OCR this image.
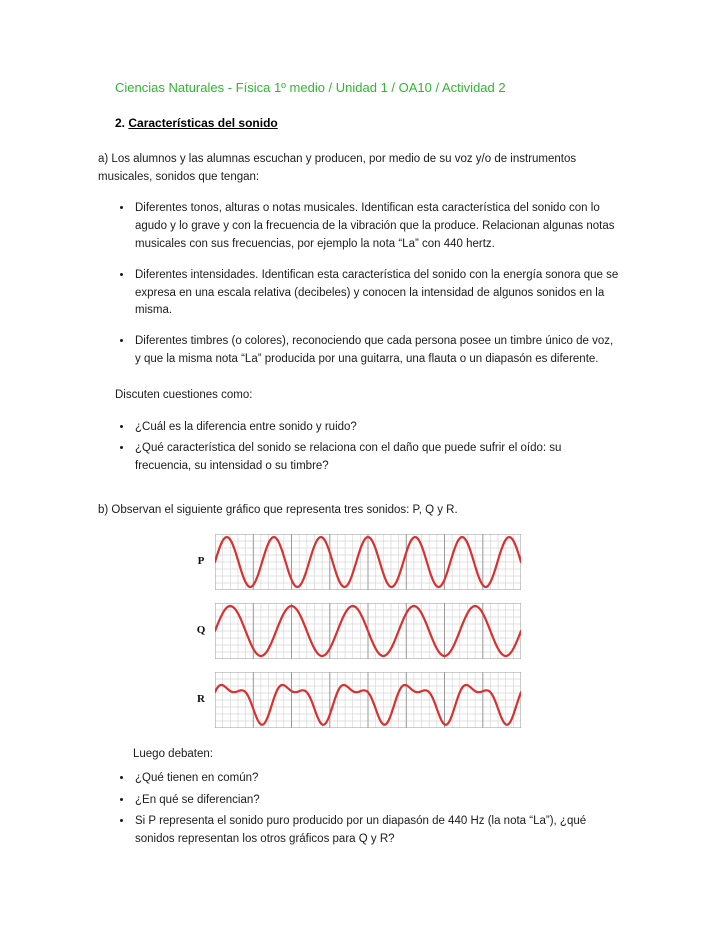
Ciencias Naturales - Física 1º medio / Unidad 1 / OA10 / Actividad 2
2. Características del sonido

a) Los alumnos y las alumnas escuchan y producen, por medio de su voz y/o de instrumentos musicales, sonidos que tengan:

• Diferentes tonos, alturas o notas musicales. Identifican esta característica del sonido con lo agudo y lo grave y con la frecuencia de la vibración que la produce. Relacionan algunas notas musicales con sus frecuencias, por ejemplo la nota “La” con 440 hertz.
• Diferentes intensidades. Identifican esta característica del sonido con la energía sonora que se expresa en una escala relativa (decibeles) y conocen la intensidad de algunos sonidos en la misma.
• Diferentes timbres (o colores), reconociendo que cada persona posee un timbre único de voz, y que la misma nota “La” producida por una guitarra, una flauta o un diapasón es diferente.

Discuten cuestiones como:

• ¿Cuál es la diferencia entre sonido y ruido?
• ¿Qué característica del sonido se relaciona con el daño que puede sufrir el oído: su frecuencia, su intensidad o su timbre?

b) Observan el siguiente gráfico que representa tres sonidos: P, Q y R.

P
Q
R

Luego debaten:

• ¿Qué tienen en común?
• ¿En qué se diferencian?
• Si P representa el sonido puro producido por un diapasón de 440 Hz (la nota “La”), ¿qué sonidos representan los otros gráficos para Q y R?
